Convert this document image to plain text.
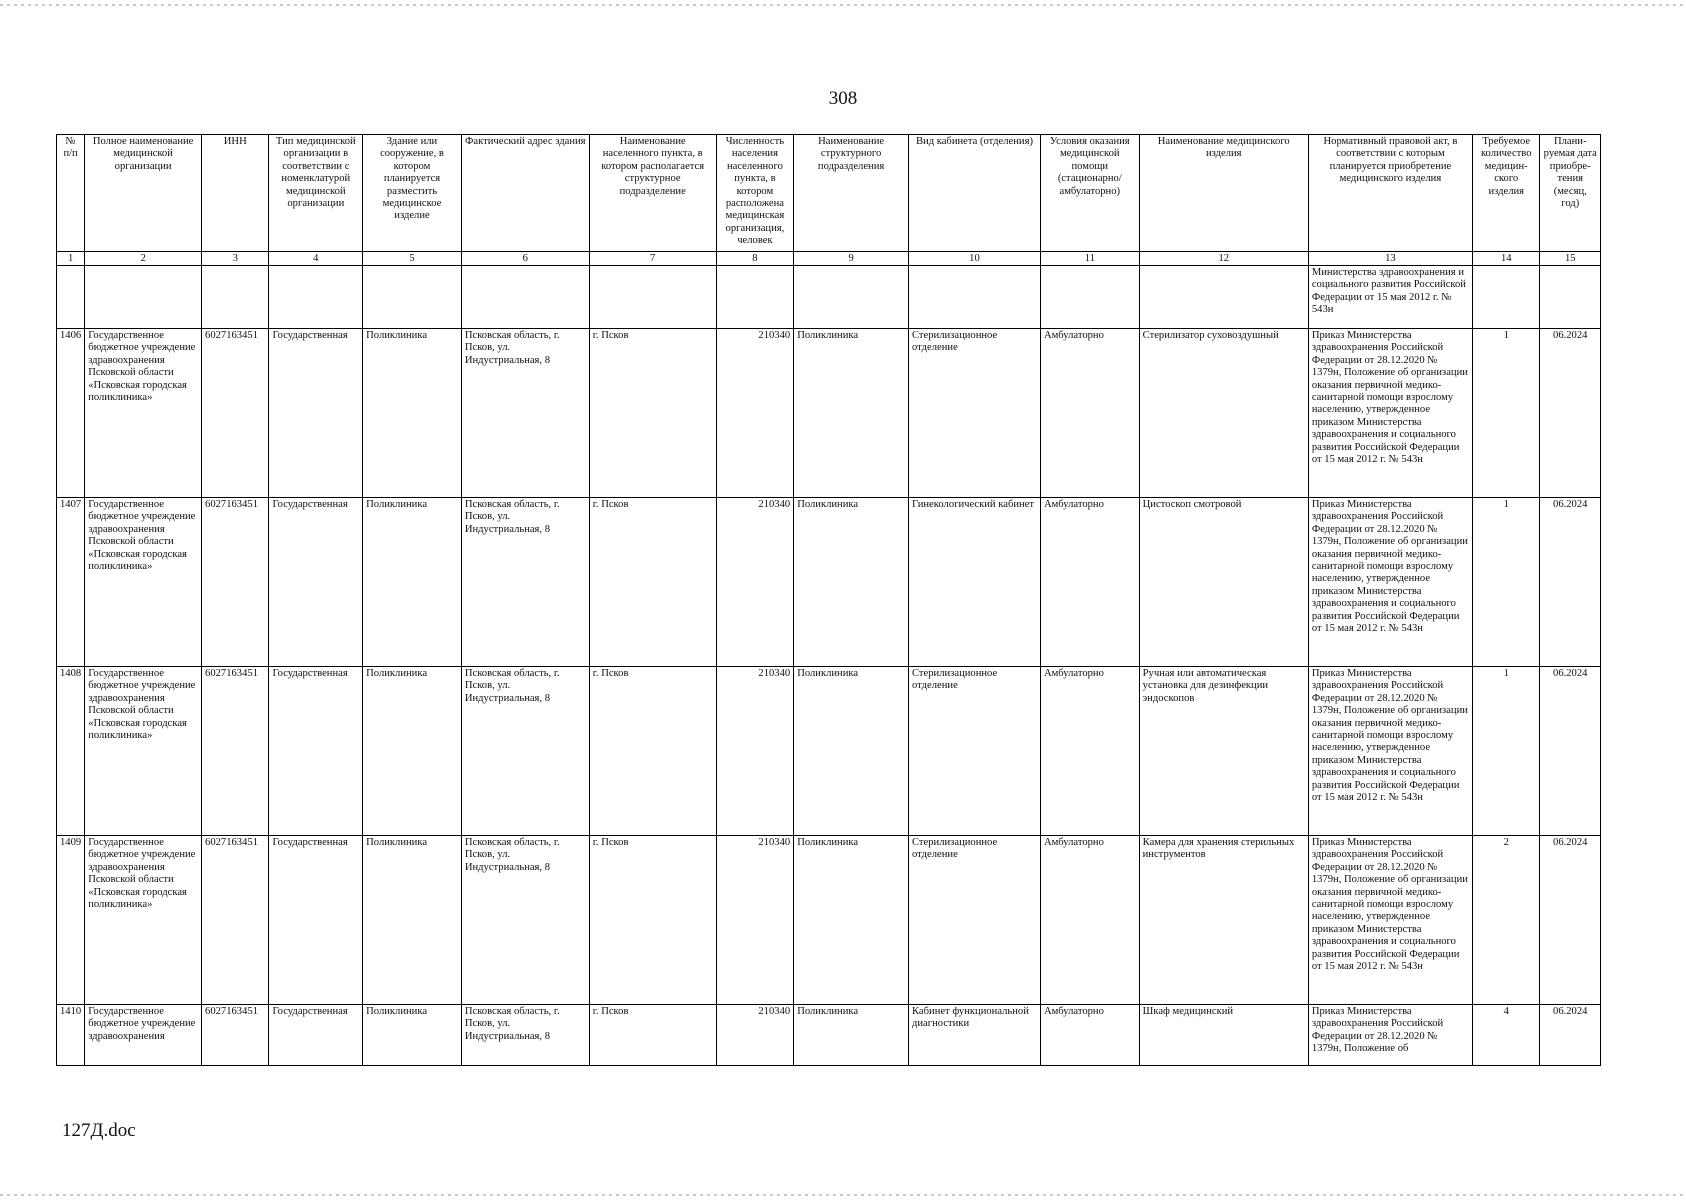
308
№ п/п	Полное наименование медицинской организации	ИНН	Тип медицинской организации в соответствии с номенклатурой медицинской организации	Здание или сооружение, в котором планируется разместить медицинское изделие	Фактический адрес здания	Наименование населенного пункта, в котором располагается структурное подразделение	Численность населения населенного пункта, в котором расположена медицинская организация, человек	Наименование структурного подразделения	Вид кабинета (отделения)	Условия оказания медицинской помощи (стационарно/ амбулаторно)	Наименование медицинского изделия	Нормативный правовой акт, в соответствии с которым планируется приобретение медицинского изделия	Требуемое количество медицин-ского изделия	Плани-руемая дата приобре-тения (месяц, год)
1	2	3	4	5	6	7	8	9	10	11	12	13	14	15
												Министерства здравоохранения и социального развития Российской Федерации от 15 мая 2012 г. № 543н		
1406	Государственное бюджетное учреждение здравоохранения Псковской области «Псковская городская поликлиника»	6027163451	Государственная	Поликлиника	Псковская область, г. Псков, ул. Индустриальная, 8	г. Псков	210340	Поликлиника	Стерилизационное отделение	Амбулаторно	Стерилизатор суховоздушный	Приказ Министерства здравоохранения Российской Федерации от 28.12.2020 № 1379н, Положение об организации оказания первичной медико-санитарной помощи взрослому населению, утвержденное приказом Министерства здравоохранения и социального развития Российской Федерации от 15 мая 2012 г. № 543н	1	06.2024
1407	Государственное бюджетное учреждение здравоохранения Псковской области «Псковская городская поликлиника»	6027163451	Государственная	Поликлиника	Псковская область, г. Псков, ул. Индустриальная, 8	г. Псков	210340	Поликлиника	Гинекологический кабинет	Амбулаторно	Цистоскоп смотровой	Приказ Министерства здравоохранения Российской Федерации от 28.12.2020 № 1379н, Положение об организации оказания первичной медико-санитарной помощи взрослому населению, утвержденное приказом Министерства здравоохранения и социального развития Российской Федерации от 15 мая 2012 г. № 543н	1	06.2024
1408	Государственное бюджетное учреждение здравоохранения Псковской области «Псковская городская поликлиника»	6027163451	Государственная	Поликлиника	Псковская область, г. Псков, ул. Индустриальная, 8	г. Псков	210340	Поликлиника	Стерилизационное отделение	Амбулаторно	Ручная или автоматическая установка для дезинфекции эндоскопов	Приказ Министерства здравоохранения Российской Федерации от 28.12.2020 № 1379н, Положение об организации оказания первичной медико-санитарной помощи взрослому населению, утвержденное приказом Министерства здравоохранения и социального развития Российской Федерации от 15 мая 2012 г. № 543н	1	06.2024
1409	Государственное бюджетное учреждение здравоохранения Псковской области «Псковская городская поликлиника»	6027163451	Государственная	Поликлиника	Псковская область, г. Псков, ул. Индустриальная, 8	г. Псков	210340	Поликлиника	Стерилизационное отделение	Амбулаторно	Камера для хранения стерильных инструментов	Приказ Министерства здравоохранения Российской Федерации от 28.12.2020 № 1379н, Положение об организации оказания первичной медико-санитарной помощи взрослому населению, утвержденное приказом Министерства здравоохранения и социального развития Российской Федерации от 15 мая 2012 г. № 543н	2	06.2024
1410	Государственное бюджетное учреждение здравоохранения	6027163451	Государственная	Поликлиника	Псковская область, г. Псков, ул. Индустриальная, 8	г. Псков	210340	Поликлиника	Кабинет функциональной диагностики	Амбулаторно	Шкаф медицинский	Приказ Министерства здравоохранения Российской Федерации от 28.12.2020 № 1379н, Положение об	4	06.2024
127Д.doc
